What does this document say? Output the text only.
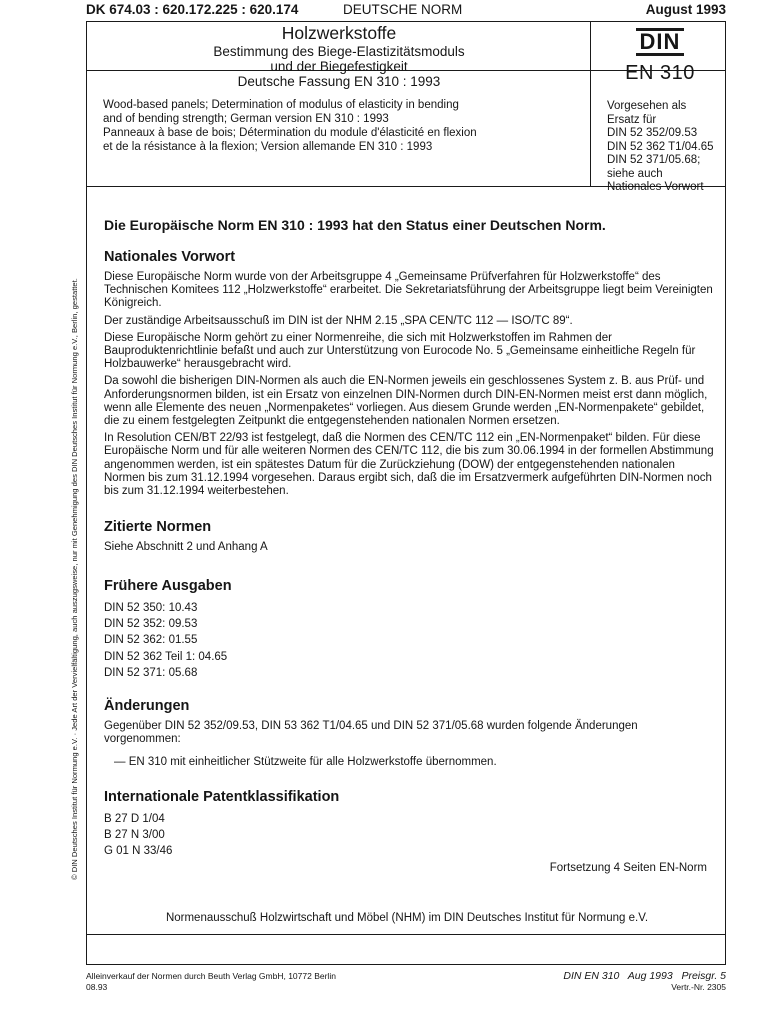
© DIN Deutsches Institut für Normung e.V. · Jede Art der Vervielfältigung, auch auszugsweise, nur mit Genehmigung des DIN Deutsches Institut für Normung e.V., Berlin, gestattet.
DK 674.03 : 620.172.225 : 620.174	DEUTSCHE NORM	August 1993
Holzwerkstoffe
Bestimmung des Biege-Elastizitätsmoduls
und der Biegefestigkeit
Deutsche Fassung EN 310 : 1993
DIN
EN 310
Wood-based panels; Determination of modulus of elasticity in bending
and of bending strength; German version EN 310 : 1993
Panneaux à base de bois; Détermination du module d'élasticité en flexion
et de la résistance à la flexion; Version allemande EN 310 : 1993
Vorgesehen als
Ersatz für
DIN 52 352/09.53
DIN 52 362 T1/04.65
DIN 52 371/05.68;
siehe auch
Nationales Vorwort
Die Europäische Norm EN 310 : 1993 hat den Status einer Deutschen Norm.
Nationales Vorwort

Diese Europäische Norm wurde von der Arbeitsgruppe 4 „Gemeinsame Prüfverfahren für Holzwerkstoffe“ des Technischen Komitees 112 „Holzwerkstoffe“ erarbeitet. Die Sekretariatsführung der Arbeitsgruppe liegt beim Vereinigten Königreich.

Der zuständige Arbeitsausschuß im DIN ist der NHM 2.15 „SPA CEN/TC 112 — ISO/TC 89“.

Diese Europäische Norm gehört zu einer Normenreihe, die sich mit Holzwerkstoffen im Rahmen der Bauproduktenrichtlinie befaßt und auch zur Unterstützung von Eurocode No. 5 „Gemeinsame einheitliche Regeln für Holzbauwerke“ herausgebracht wird.

Da sowohl die bisherigen DIN-Normen als auch die EN-Normen jeweils ein geschlossenes System z. B. aus Prüf- und Anforderungsnormen bilden, ist ein Ersatz von einzelnen DIN-Normen durch DIN-EN-Normen meist erst dann möglich, wenn alle Elemente des neuen „Normenpaketes“ vorliegen. Aus diesem Grunde werden „EN-Normenpakete“ gebildet, die zu einem festgelegten Zeitpunkt die entgegenstehenden nationalen Normen ersetzen.

In Resolution CEN/BT 22/93 ist festgelegt, daß die Normen des CEN/TC 112 ein „EN-Normenpaket“ bilden. Für diese Europäische Norm und für alle weiteren Normen des CEN/TC 112, die bis zum 30.06.1994 in der formellen Abstimmung angenommen werden, ist ein spätestes Datum für die Zurückziehung (DOW) der entgegenstehenden nationalen Normen bis zum 31.12.1994 vorgesehen. Daraus ergibt sich, daß die im Ersatzvermerk aufgeführten DIN-Normen noch bis zum 31.12.1994 weiterbestehen.

Zitierte Normen

Siehe Abschnitt 2 und Anhang A

Frühere Ausgaben
DIN 52 350: 10.43
DIN 52 352: 09.53
DIN 52 362: 01.55
DIN 52 362 Teil 1: 04.65
DIN 52 371: 05.68
Änderungen

Gegenüber DIN 52 352/09.53, DIN 53 362 T1/04.65 und DIN 52 371/05.68 wurden folgende Änderungen vorgenommen:

— EN 310 mit einheitlicher Stützweite für alle Holzwerkstoffe übernommen.

Internationale Patentklassifikation
B 27 D 1/04
B 27 N 3/00
G 01 N 33/46
Fortsetzung 4 Seiten EN-Norm
Normenausschuß Holzwirtschaft und Möbel (NHM) im DIN Deutsches Institut für Normung e.V.
Alleinverkauf der Normen durch Beuth Verlag GmbH, 10772 Berlin
08.93
DIN EN 310   Aug 1993   Preisgr. 5
Vertr.-Nr. 2305
